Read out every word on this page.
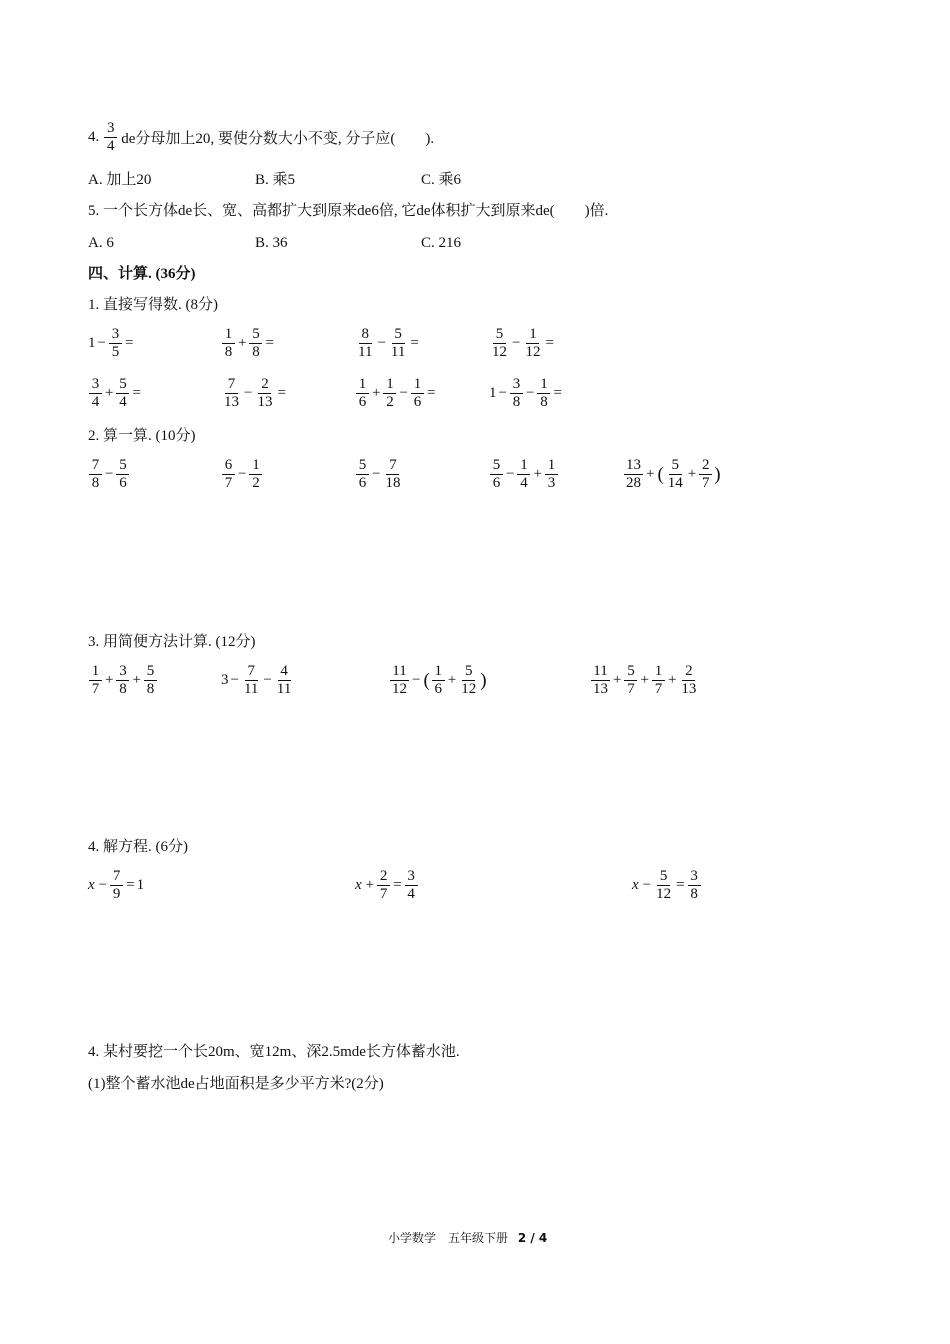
4. $\frac{3}{4}$ de分母加上20, 要使分数大小不变, 分子应(　　).
A. 加上20	B. 乘5	C. 乘6
5. 一个长方体de长、宽、高都扩大到原来de6倍, 它de体积扩大到原来de(　　)倍.
A. 6	B. 36	C. 216
四、计算. (36分)
1. 直接写得数. (8分)
$1 - \frac{3}{5}$ =	$\frac{1}{8} + \frac{5}{8}$ =	$\frac{8}{11} - \frac{5}{11}$ =	$\frac{5}{12} - \frac{1}{12}$ =
$\frac{3}{4} + \frac{5}{4}$ =	$\frac{7}{13} - \frac{2}{13}$ =	$\frac{1}{6} + \frac{1}{2} - \frac{1}{6}$ =	$1 - \frac{3}{8} - \frac{1}{8}$ =
2. 算一算. (10分)
$\frac{7}{8} - \frac{5}{6}$	$\frac{6}{7} - \frac{1}{2}$	$\frac{5}{6} - \frac{7}{18}$	$\frac{5}{6} - \frac{1}{4} + \frac{1}{3}$	$\frac{13}{28}$ + ( $\frac{5}{14} + \frac{2}{7}$ )
3. 用简便方法计算. (12分)
$\frac{1}{7} + \frac{3}{8} + \frac{5}{8}$	$3 - \frac{7}{11} - \frac{4}{11}$	$\frac{11}{12}$ − ( $\frac{1}{6} + \frac{5}{12}$ )	$\frac{11}{13} + \frac{5}{7} + \frac{1}{7} + \frac{2}{13}$
4. 解方程. (6分)
$x - \frac{7}{9} = 1$	$x + \frac{2}{7} = \frac{3}{4}$	$x - \frac{5}{12} = \frac{3}{8}$
4. 某村要挖一个长20m、宽12m、深2.5mde长方体蓄水池.
(1)整个蓄水池de占地面积是多少平方米?(2分)
小学数学　五年级下册 2 / 4
